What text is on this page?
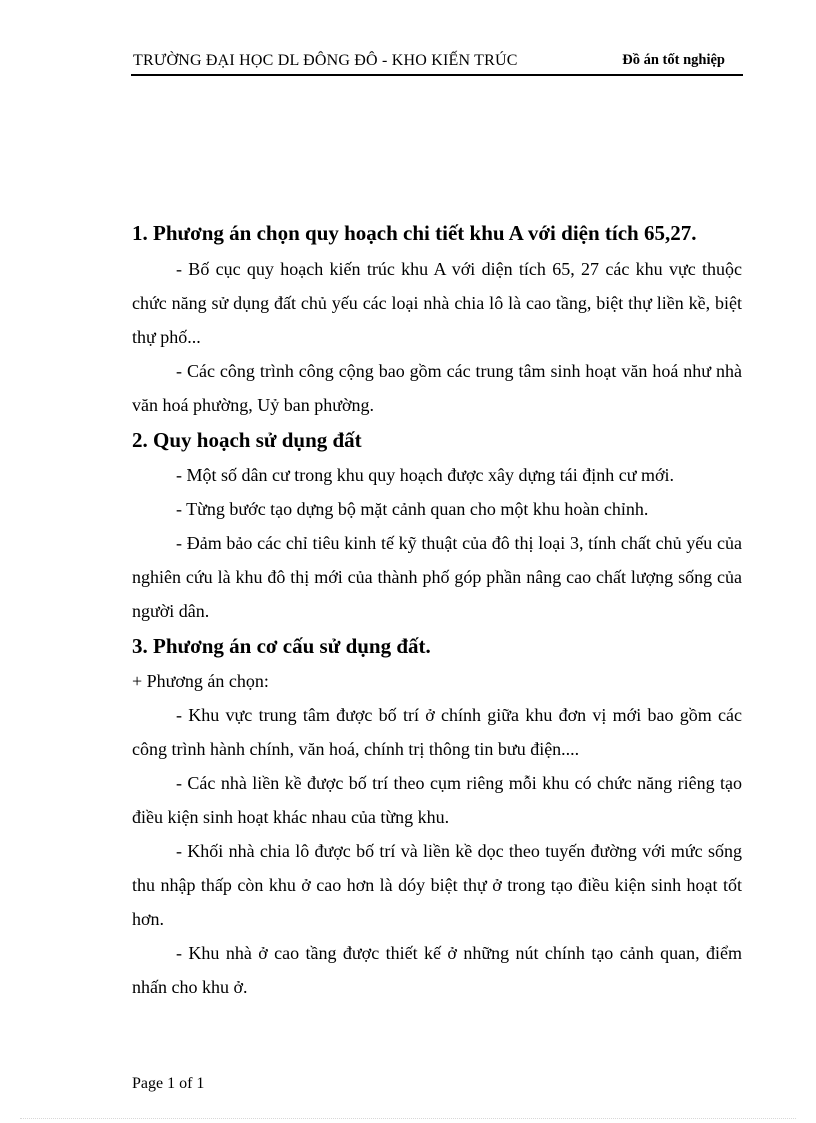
TRƯỜNG ĐẠI HỌC DL ĐÔNG ĐÔ - KHO KIẾN TRÚC	Đồ án tốt nghiệp
1. Phương án chọn quy hoạch chi tiết khu A với diện tích 65,27.

- Bố cục quy hoạch kiến trúc khu A với diện tích 65, 27 các khu vực thuộc chức năng sử dụng đất chủ yếu các loại nhà chia lô là cao tầng, biệt thự liền kề, biệt thự phố...

- Các công trình công cộng bao gồm các trung tâm sinh hoạt văn hoá như nhà văn hoá phường, Uỷ ban phường.

2. Quy hoạch sử dụng đất

- Một số dân cư trong khu quy hoạch được xây dựng tái định cư mới.

- Từng bước tạo dựng bộ mặt cảnh quan cho một khu hoàn chỉnh.

- Đảm bảo các chỉ tiêu kinh tế kỹ thuật của đô thị loại 3, tính chất chủ yếu của nghiên cứu là khu đô thị mới của thành phố góp phần nâng cao chất lượng sống của người dân.

3. Phương án cơ cấu sử dụng đất.

+ Phương án chọn:

- Khu vực trung tâm được bố trí ở chính giữa khu đơn vị mới bao gồm các công trình hành chính, văn hoá, chính trị thông tin bưu điện....

- Các nhà liền kề được bố trí theo cụm riêng mỗi khu có chức năng riêng tạo điều kiện sinh hoạt khác nhau của từng khu.

- Khối nhà chia lô được bố trí và liền kề dọc theo tuyến đường với mức sống thu nhập thấp còn khu ở cao hơn là dóy biệt thự ở trong tạo điều kiện sinh hoạt tốt hơn.

- Khu nhà ở cao tầng được thiết kế ở những nút chính tạo cảnh quan, điểm nhấn cho khu ở.

Page 1 of 1
